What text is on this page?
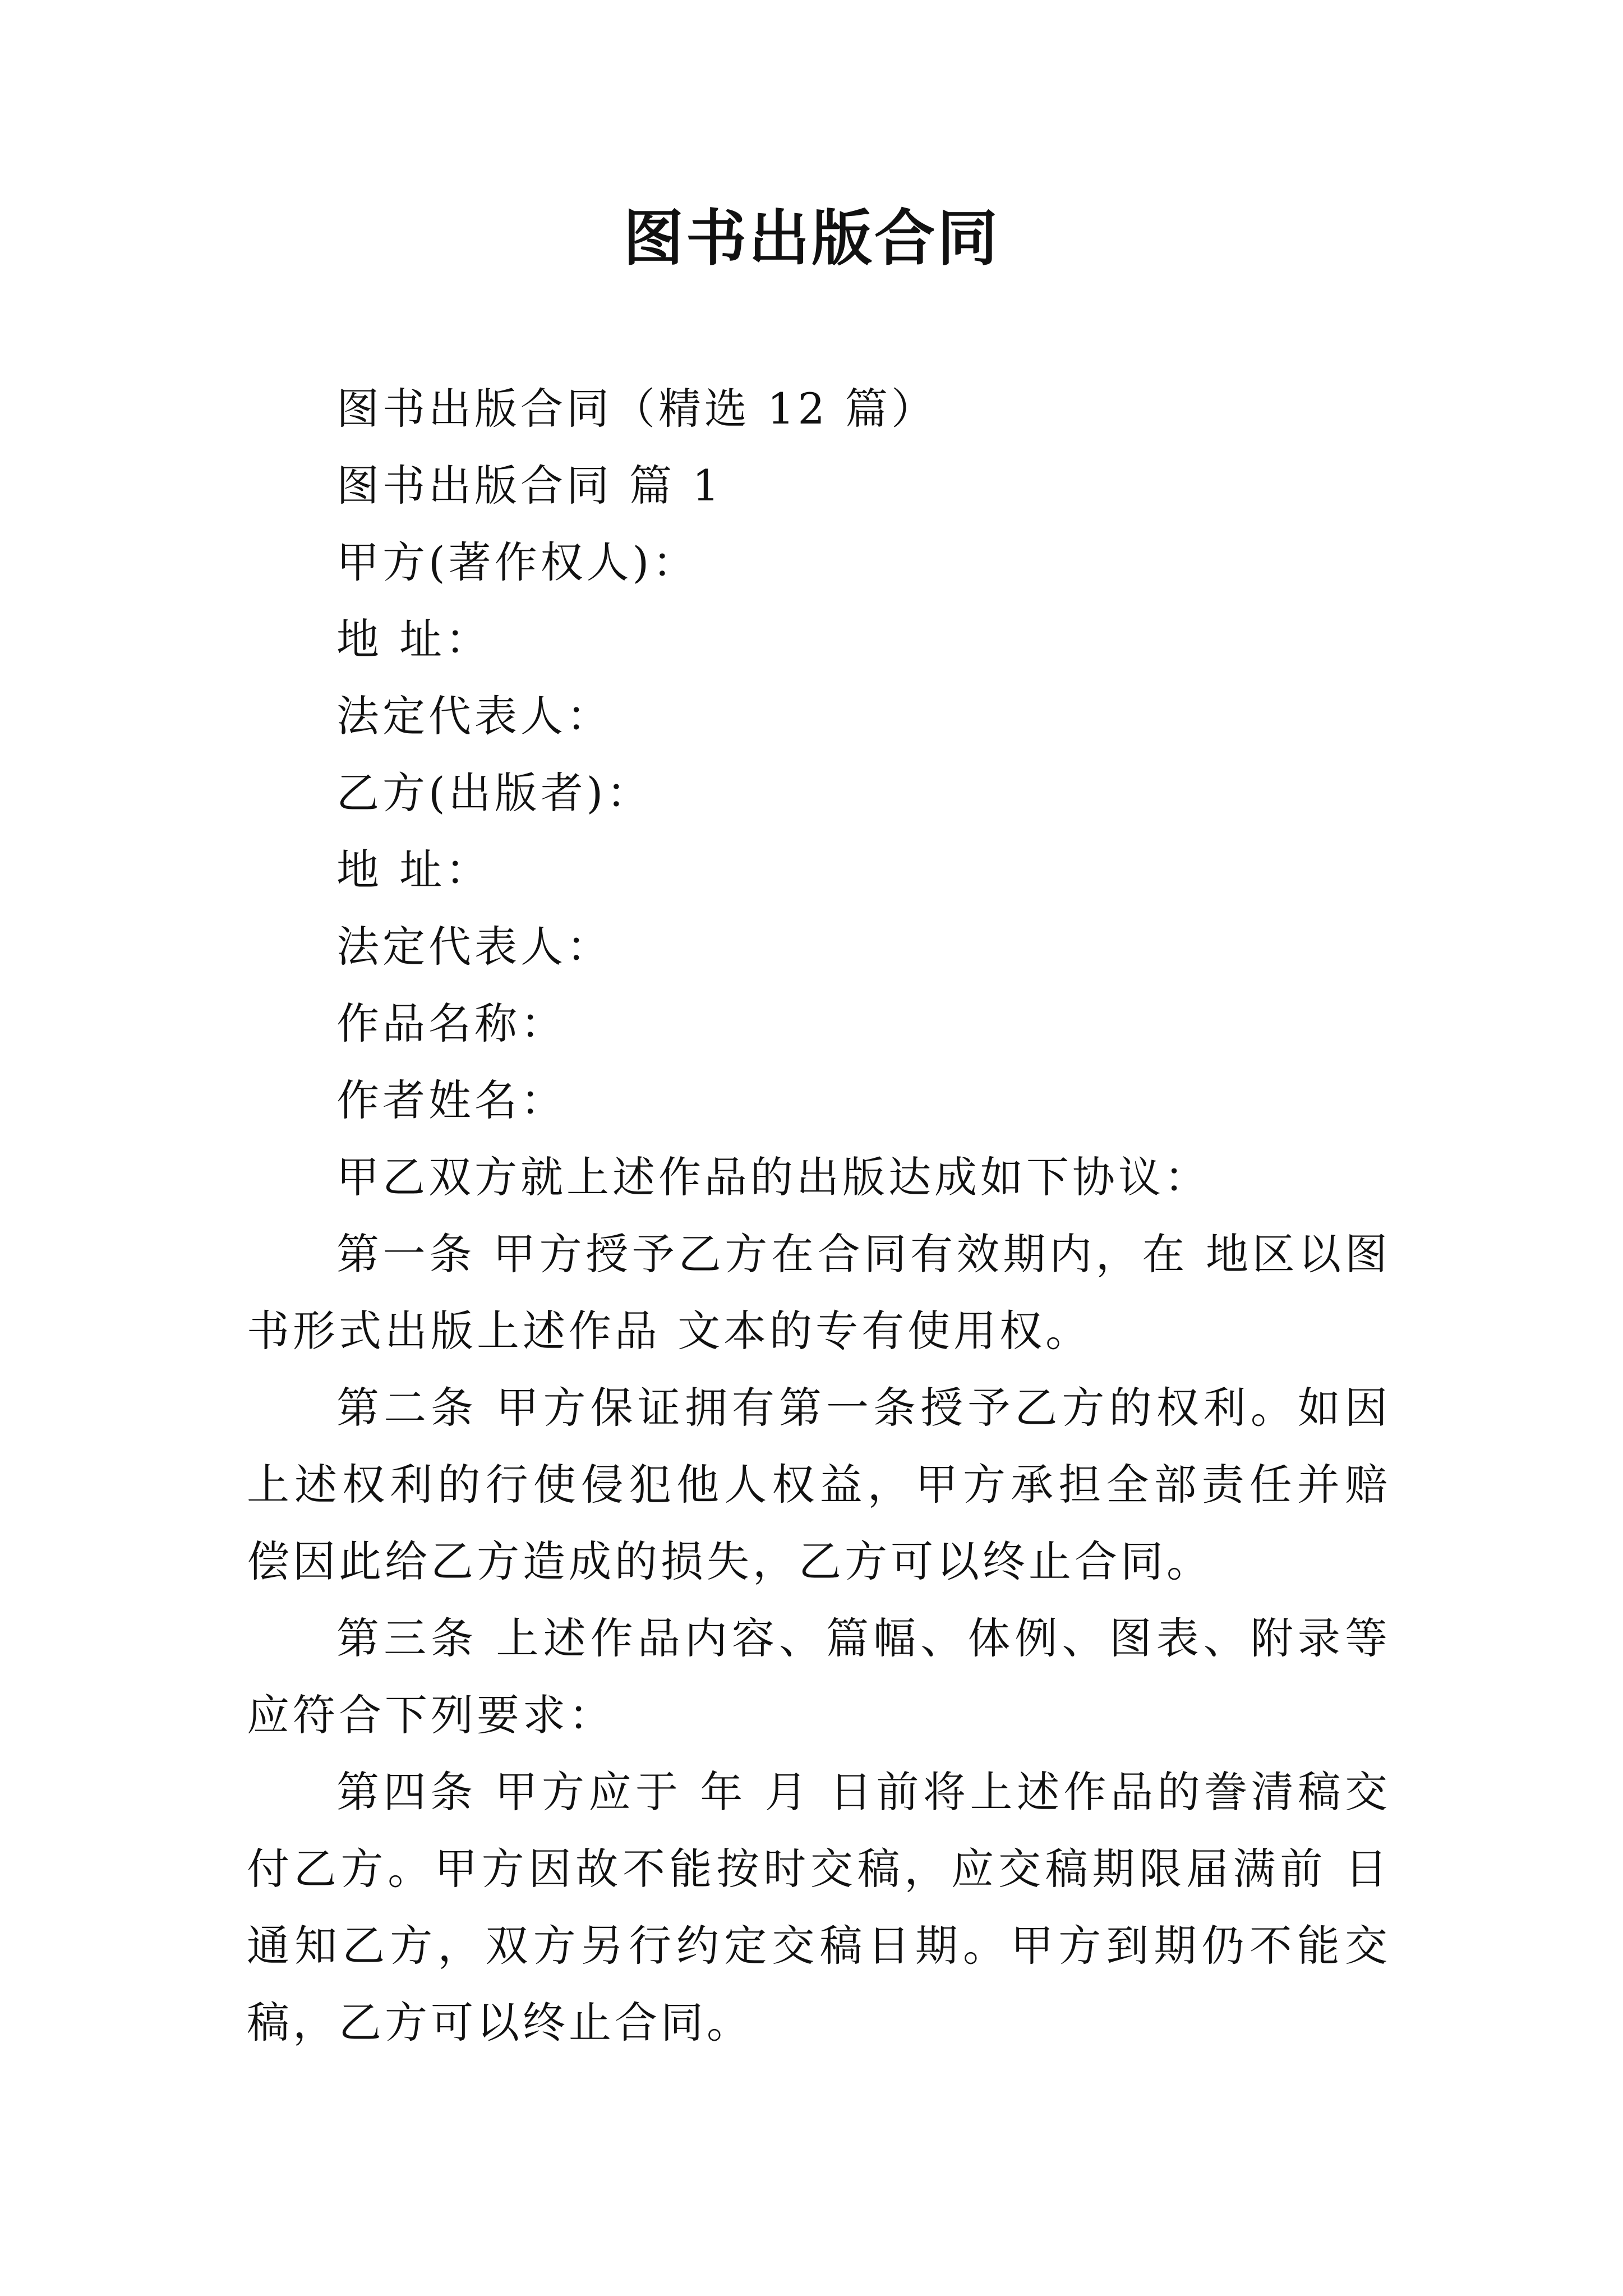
图书出版合同

图书出版合同（精选 12 篇）

图书出版合同 篇 1

甲方(著作权人)：

地 址：

法定代表人：

乙方(出版者)：

地 址：

法定代表人：

作品名称：

作者姓名：

甲乙双方就上述作品的出版达成如下协议：

第一条 甲方授予乙方在合同有效期内，在 地区以图书形式出版上述作品 文本的专有使用权。

第二条 甲方保证拥有第一条授予乙方的权利。如因上述权利的行使侵犯他人权益，甲方承担全部责任并赔偿因此给乙方造成的损失，乙方可以终止合同。

第三条 上述作品内容、篇幅、体例、图表、附录等应符合下列要求：

第四条 甲方应于 年 月 日前将上述作品的誊清稿交付乙方。甲方因故不能按时交稿，应交稿期限届满前 日通知乙方，双方另行约定交稿日期。甲方到期仍不能交稿，乙方可以终止合同。
